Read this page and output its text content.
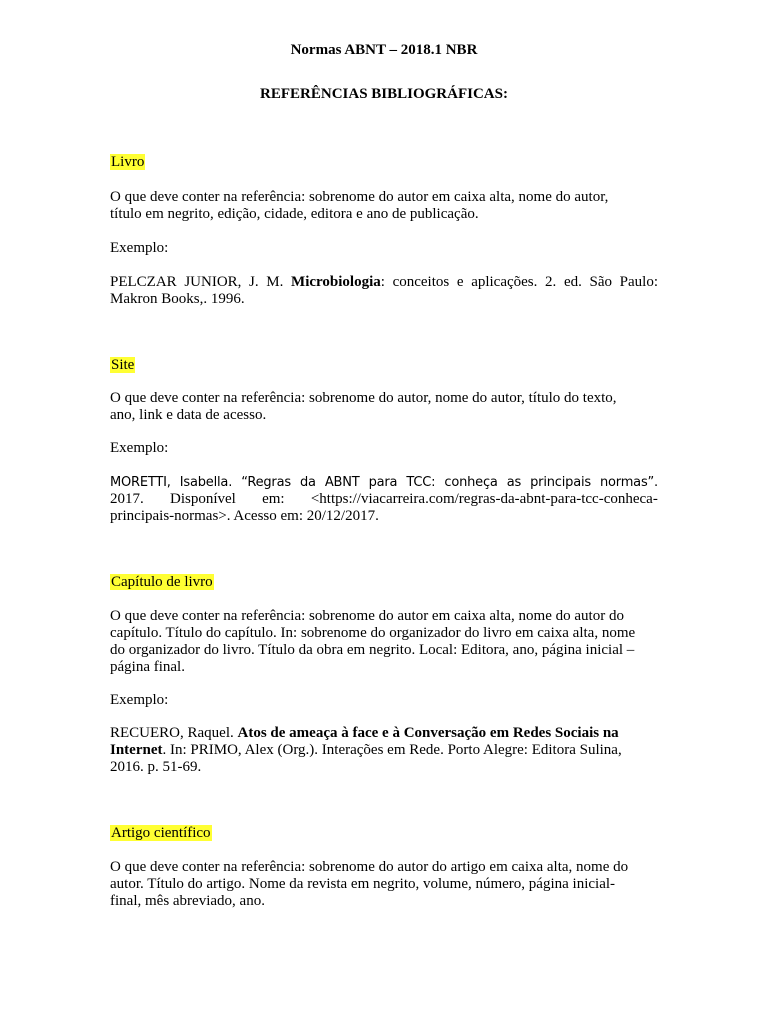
Normas ABNT – 2018.1 NBR
REFERÊNCIAS BIBLIOGRÁFICAS:
Livro
O que deve conter na referência: sobrenome do autor em caixa alta, nome do autor,
título em negrito, edição, cidade, editora e ano de publicação.
Exemplo:
PELCZAR JUNIOR, J. M. Microbiologia: conceitos e aplicações. 2. ed. São Paulo:
Makron Books,. 1996.
Site
O que deve conter na referência: sobrenome do autor, nome do autor, título do texto,
ano, link e data de acesso.
Exemplo:
MORETTI, Isabella. “Regras da ABNT para TCC: conheça as principais normas”.
2017.       Disponível       em:       <https://viacarreira.com/regras-da-abnt-para-tcc-conheca-
principais-normas>. Acesso em: 20/12/2017.
Capítulo de livro
O que deve conter na referência: sobrenome do autor em caixa alta, nome do autor do
capítulo. Título do capítulo. In: sobrenome do organizador do livro em caixa alta, nome
do organizador do livro. Título da obra em negrito. Local: Editora, ano, página inicial –
página final.
Exemplo:
RECUERO, Raquel. Atos de ameaça à face e à Conversação em Redes Sociais na
Internet. In: PRIMO, Alex (Org.). Interações em Rede. Porto Alegre: Editora Sulina,
2016. p. 51-69.
Artigo científico
O que deve conter na referência: sobrenome do autor do artigo em caixa alta, nome do
autor. Título do artigo. Nome da revista em negrito, volume, número, página inicial-
final, mês abreviado, ano.
